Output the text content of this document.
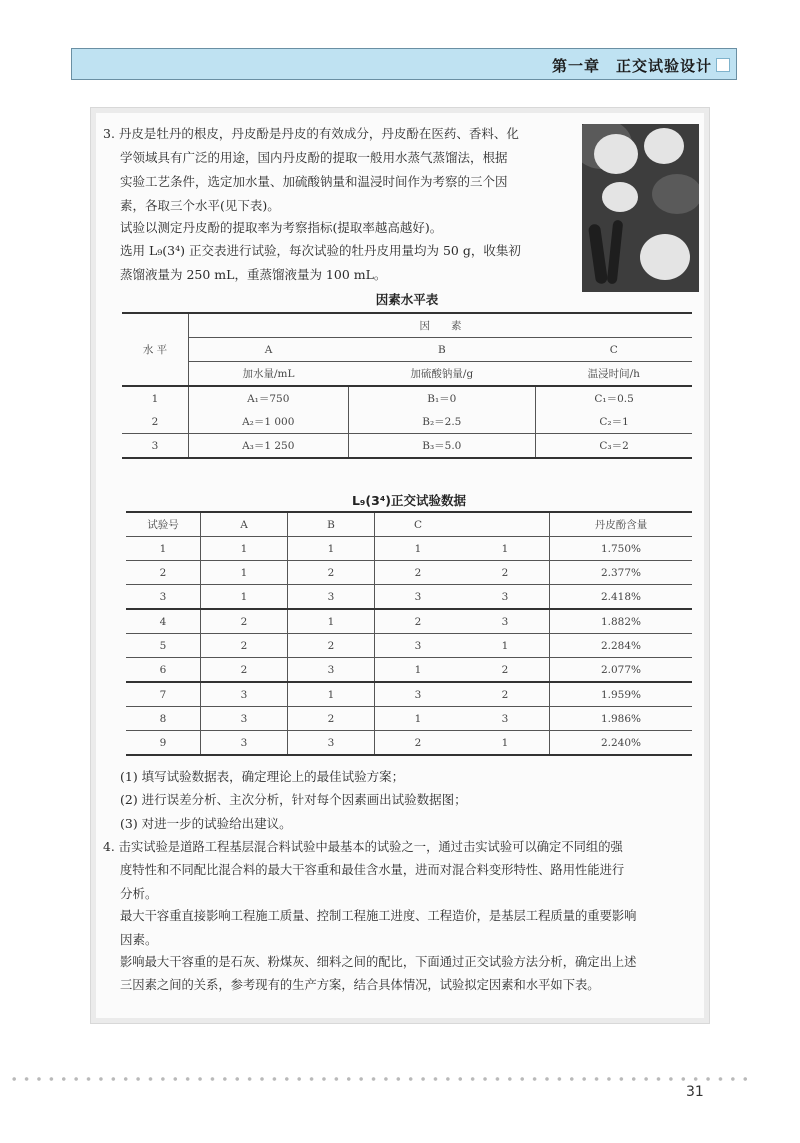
第一章　正交试验设计
3. 丹皮是牡丹的根皮，丹皮酚是丹皮的有效成分，丹皮酚在医药、香料、化
学领域具有广泛的用途，国内丹皮酚的提取一般用水蒸气蒸馏法，根据
实验工艺条件，选定加水量、加硫酸钠量和温浸时间作为考察的三个因
素，各取三个水平(见下表)。
试验以测定丹皮酚的提取率为考察指标(提取率越高越好)。
选用 L₉(3⁴) 正交表进行试验，每次试验的牡丹皮用量均为 50 g，收集初
蒸馏液量为 250 mL，重蒸馏液量为 100 mL。
因素水平表
水 平	因　　素		
	A	B	C
	加水量/mL	加硫酸钠量/g	温浸时间/h
1	A₁＝750	B₁＝0	C₁＝0.5
2	A₂＝1 000	B₂＝2.5	C₂＝1
3	A₃＝1 250	B₃＝5.0	C₃＝2
L₉(3⁴)正交试验数据
试验号	A	B	C		丹皮酚含量
1	1	1	1	1	1.750%
2	1	2	2	2	2.377%
3	1	3	3	3	2.418%
4	2	1	2	3	1.882%
5	2	2	3	1	2.284%
6	2	3	1	2	2.077%
7	3	1	3	2	1.959%
8	3	2	1	3	1.986%
9	3	3	2	1	2.240%
(1) 填写试验数据表，确定理论上的最佳试验方案；
(2) 进行误差分析、主次分析，针对每个因素画出试验数据图；
(3) 对进一步的试验给出建议。
4. 击实试验是道路工程基层混合料试验中最基本的试验之一，通过击实试验可以确定不同组的强
度特性和不同配比混合料的最大干容重和最佳含水量，进而对混合料变形特性、路用性能进行
分析。
最大干容重直接影响工程施工质量、控制工程施工进度、工程造价，是基层工程质量的重要影响
因素。
影响最大干容重的是石灰、粉煤灰、细料之间的配比，下面通过正交试验方法分析，确定出上述
三因素之间的关系，参考现有的生产方案，结合具体情况，试验拟定因素和水平如下表。
31
